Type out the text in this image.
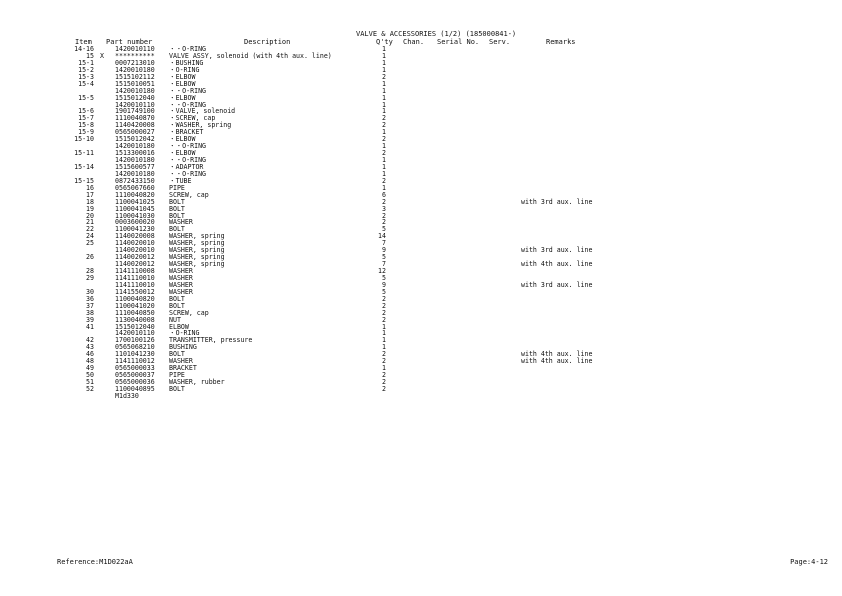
VALVE & ACCESSORIES (1/2) (185000841-)
Item Part number	Description	Q'ty Chan. Serial No. Serv.	Remarks
14-16	1420010110 ・・O-RING	1
15 X ********** VALVE ASSY, solenoid (with 4th aux. line)	1
15-1	0007213010 ・BUSHING	1
15-2	1420010180 ・O-RING	1
15-3	1515102112 ・ELBOW	2
15-4	1515010051 ・ELBOW	1
1420010180 ・・O-RING	1
15-5	1515012040 ・ELBOW	1
1420010110 ・・O-RING	1
15-6	1901749100 ・VALVE, solenoid	1
15-7	1110040870 ・SCREW, cap	2
15-8	1140420008 ・WASHER, spring	2
15-9	0565000027 ・BRACKET	1
15-10	1515012042 ・ELBOW	2
1420010180 ・・O-RING	1
15-11	1513300016 ・ELBOW	2
1420010180 ・・O-RING	1
15-14	1515600577 ・ADAPTOR	1
1420010180 ・・O-RING	1
15-15	0872433150 ・TUBE	2
16	0565067660 PIPE	1
17	1110040820 SCREW, cap	6
18	1100041025 BOLT	2	with 3rd aux. line
19	1100041045 BOLT	3
20	1100041030 BOLT	2
21	0003600020 WASHER	2
22	1100041230 BOLT	5
24	1140020008 WASHER, spring	14
25	1140020010 WASHER, spring	7
1140020010 WASHER, spring	9	with 3rd aux. line
26	1140020012 WASHER, spring	5
1140020012 WASHER, spring	7	with 4th aux. line
28	1141110008 WASHER	12
29	1141110010 WASHER	5
1141110010 WASHER	9	with 3rd aux. line
30	1141550012 WASHER	5
36	1100040820 BOLT	2
37	1100041020 BOLT	2
38	1110040850 SCREW, cap	2
39	1130040008 NUT	2
41	1515012040 ELBOW	1
1420010110 ・O-RING	1
42	1700100126 TRANSMITTER, pressure	1
43	0565068210 BUSHING	1
46	1101041230 BOLT	2	with 4th aux. line
48	1141110012 WASHER	2	with 4th aux. line
49	0565000033 BRACKET	1
50	0565000037 PIPE	2
51	0565000036 WASHER, rubber	2
52	1100040895 BOLT	2
M1d330
Reference:M1D022aA	Page:4-12
